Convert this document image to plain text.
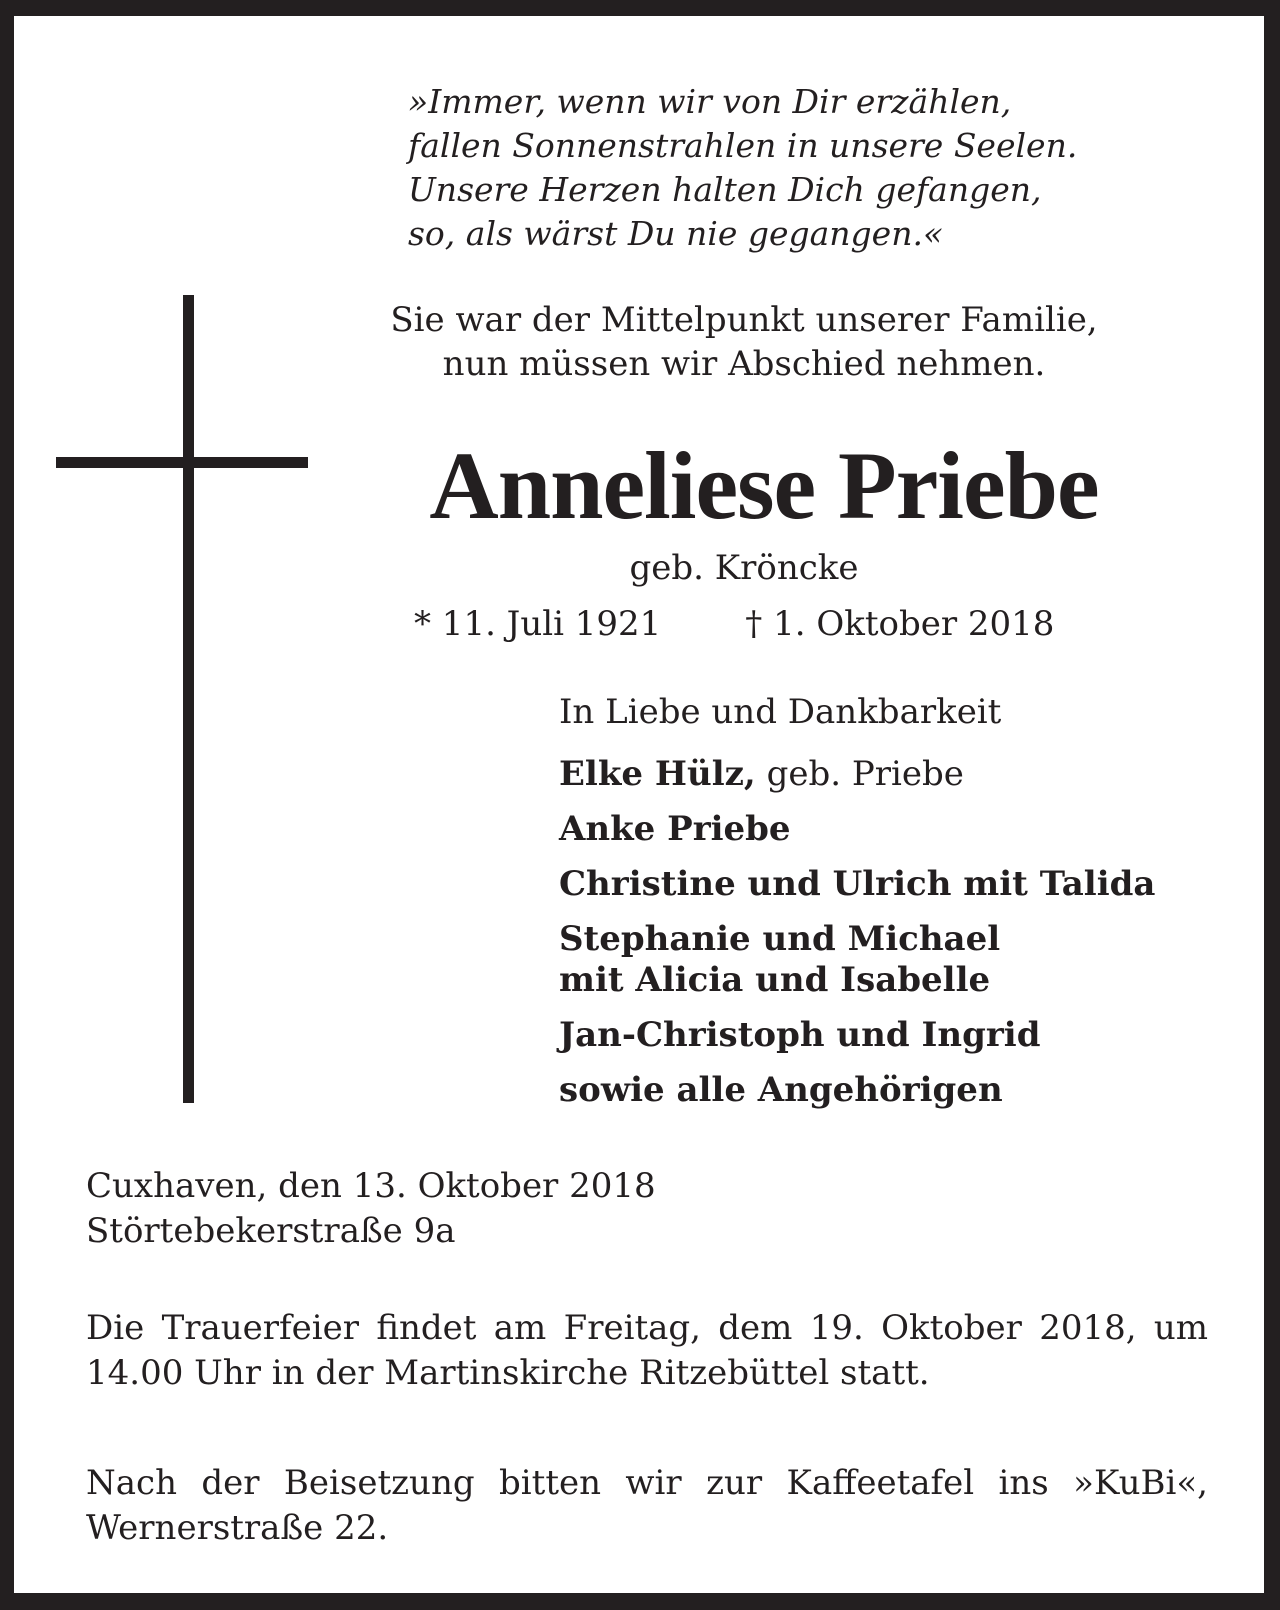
»Immer, wenn wir von Dir erzählen,
fallen Sonnenstrahlen in unsere Seelen.
Unsere Herzen halten Dich gefangen,
so, als wärst Du nie gegangen.«
Sie war der Mittelpunkt unserer Familie,
nun müssen wir Abschied nehmen.
Anneliese Priebe
geb. Kröncke
* 11. Juli 1921 † 1. Oktober 2018
In Liebe und Dankbarkeit
Elke Hülz, geb. Priebe
Anke Priebe
Christine und Ulrich mit Talida
Stephanie und Michael
mit Alicia und Isabelle
Jan-Christoph und Ingrid
sowie alle Angehörigen
Cuxhaven, den 13. Oktober 2018
Störtebekerstraße 9a
Die Trauerfeier findet am Freitag, dem 19. Oktober 2018, um 14.00 Uhr in der Martinskirche Ritzebüttel statt.
Nach der Beisetzung bitten wir zur Kaffeetafel ins »KuBi«, Wernerstraße 22.
